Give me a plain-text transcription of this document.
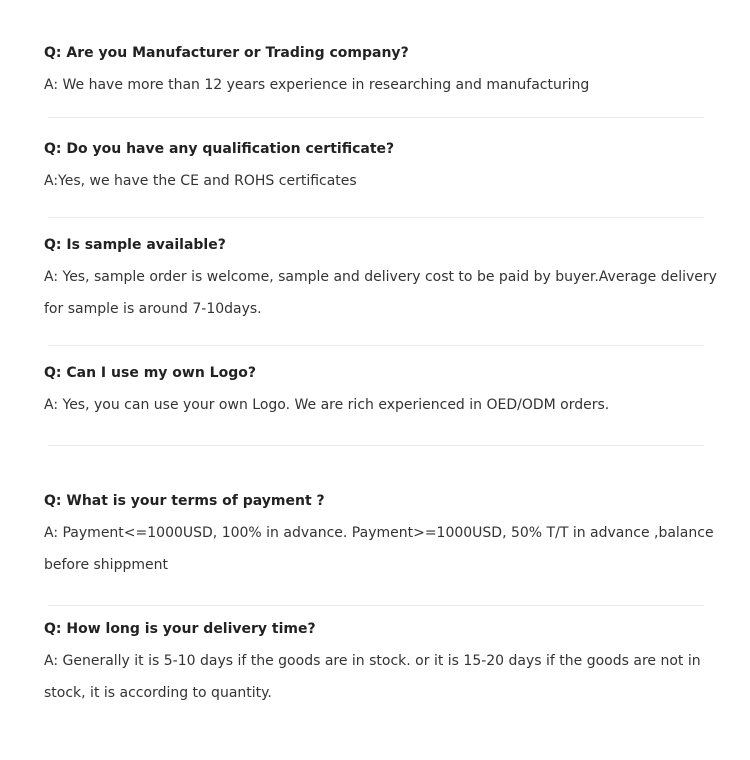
Q: Are you Manufacturer or Trading company?
A: We have more than 12 years experience in researching and manufacturing
Q: Do you have any qualification certificate?
A:Yes, we have the CE and ROHS certificates
Q: Is sample available?
A: Yes, sample order is welcome, sample and delivery cost to be paid by buyer.Average delivery for sample is around 7-10days.
Q: Can I use my own Logo?
A: Yes, you can use your own Logo. We are rich experienced in OED/ODM orders.
Q: What is your terms of payment ?
A: Payment<=1000USD, 100% in advance. Payment>=1000USD, 50% T/T in advance ,balance before shippment
Q: How long is your delivery time?
A: Generally it is 5-10 days if the goods are in stock. or it is 15-20 days if the goods are not in stock, it is according to quantity.
